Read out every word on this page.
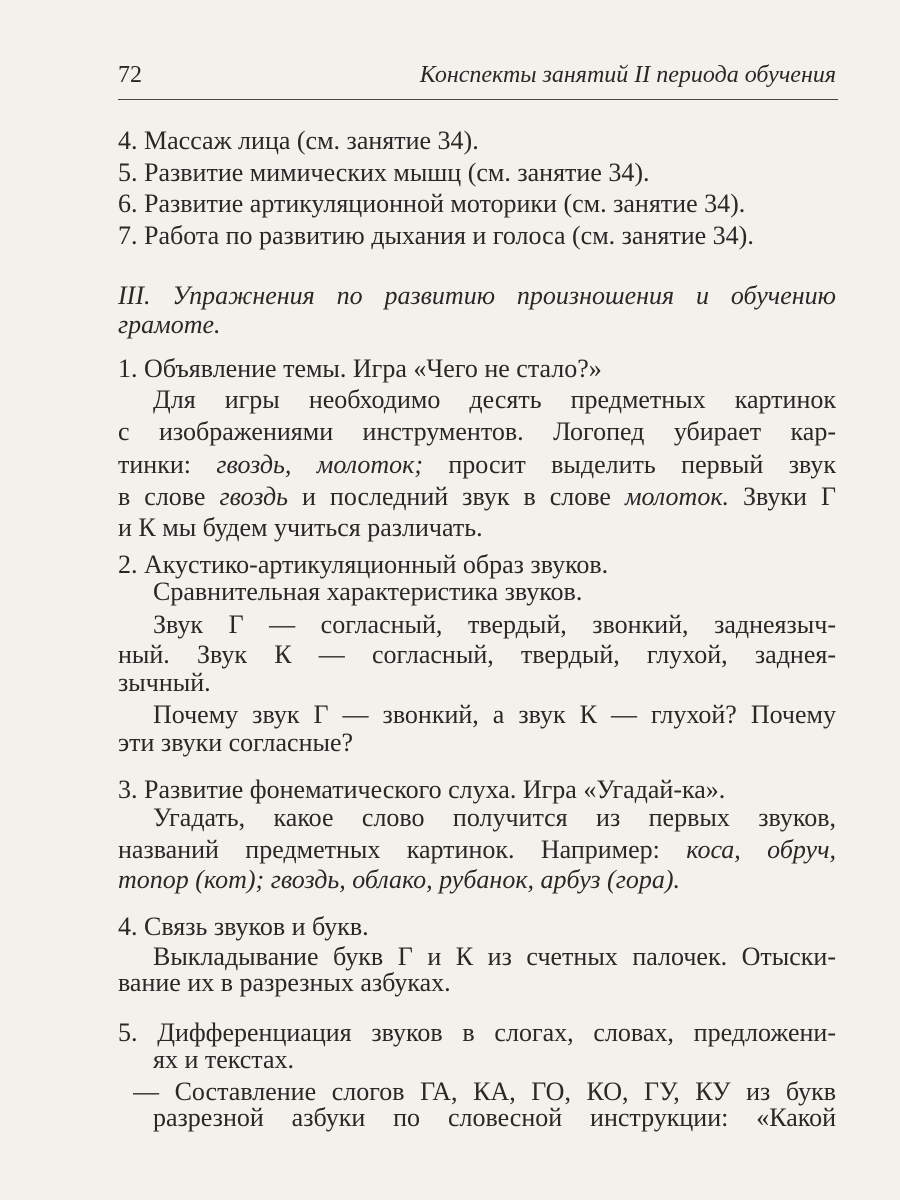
72	Конспекты занятий II периода обучения
4. Массаж лица (см. занятие 34).
5. Развитие мимических мышц (см. занятие 34).
6. Развитие артикуляционной моторики (см. занятие 34).
7. Работа по развитию дыхания и голоса (см. занятие 34).
III. Упражнения по развитию произношения и обучению
грамоте.
1. Объявление темы. Игра «Чего не стало?»
Для игры необходимо десять предметных картинок
с изображениями инструментов. Логопед убирает кар-
тинки: гвоздь, молоток; просит выделить первый звук
в слове гвоздь и последний звук в слове молоток. Звуки Г
и К мы будем учиться различать.
2. Акустико-артикуляционный образ звуков.
Сравнительная характеристика звуков.
Звук Г — согласный, твердый, звонкий, заднеязыч-
ный. Звук К — согласный, твердый, глухой, заднея-
зычный.
Почему звук Г — звонкий, а звук К — глухой? Почему
эти звуки согласные?
3. Развитие фонематического слуха. Игра «Угадай-ка».
Угадать, какое слово получится из первых звуков,
названий предметных картинок. Например: коса, обруч,
топор (кот); гвоздь, облако, рубанок, арбуз (гора).
4. Связь звуков и букв.
Выкладывание букв Г и К из счетных палочек. Отыски-
вание их в разрезных азбуках.
5. Дифференциация звуков в слогах, словах, предложени-
ях и текстах.
— Составление слогов ГА, КА, ГО, КО, ГУ, КУ из букв
разрезной азбуки по словесной инструкции: «Какой
